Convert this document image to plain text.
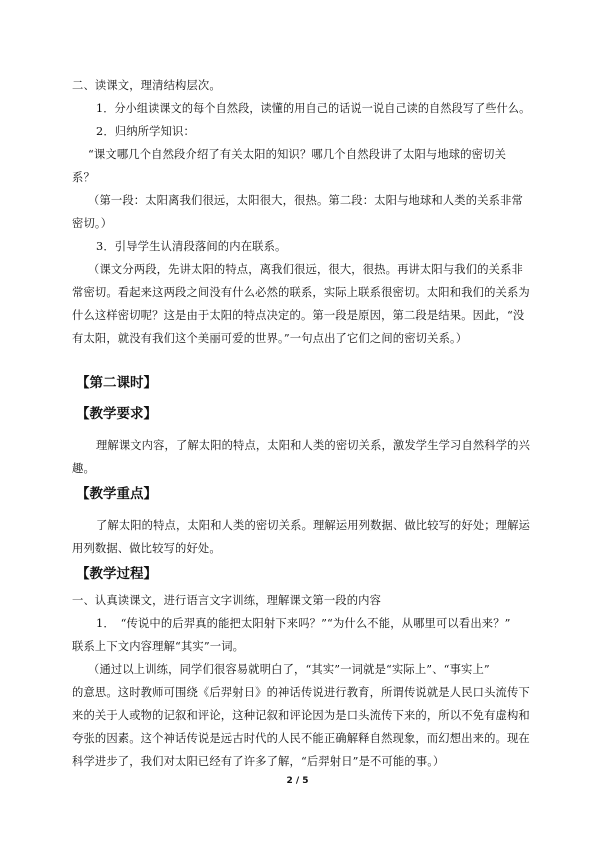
二、读课文，理清结构层次。
1．分小组读课文的每个自然段，读懂的用自己的话说一说自己读的自然段写了些什么。
2．归纳所学知识：
“课文哪几个自然段介绍了有关太阳的知识？哪几个自然段讲了太阳与地球的密切关
系？
（第一段：太阳离我们很远，太阳很大，很热。第二段：太阳与地球和人类的关系非常
密切。）
3．引导学生认清段落间的内在联系。
（课文分两段，先讲太阳的特点，离我们很远，很大，很热。再讲太阳与我们的关系非
常密切。看起来这两段之间没有什么必然的联系，实际上联系很密切。太阳和我们的关系为
什么这样密切呢？这是由于太阳的特点决定的。第一段是原因，第二段是结果。因此，“没
有太阳，就没有我们这个美丽可爱的世界。”一句点出了它们之间的密切关系。）
【第二课时】
【教学要求】
理解课文内容，了解太阳的特点，太阳和人类的密切关系，激发学生学习自然科学的兴
趣。
【教学重点】
了解太阳的特点，太阳和人类的密切关系。理解运用列数据、做比较写的好处；理解运
用列数据、做比较写的好处。
【教学过程】
一、认真读课文，进行语言文字训练，理解课文第一段的内容
1．　“传说中的后羿真的能把太阳射下来吗？”“为什么不能，从哪里可以看出来？”
联系上下文内容理解“其实”一词。
（通过以上训练，同学们很容易就明白了，“其实”一词就是“实际上”、“事实上”
的意思。这时教师可围绕《后羿射日》的神话传说进行教育，所谓传说就是人民口头流传下
来的关于人或物的记叙和评论，这种记叙和评论因为是口头流传下来的，所以不免有虚构和
夸张的因素。这个神话传说是远古时代的人民不能正确解释自然现象，而幻想出来的。现在
科学进步了，我们对太阳已经有了许多了解，“后羿射日”是不可能的事。）
2 / 5
